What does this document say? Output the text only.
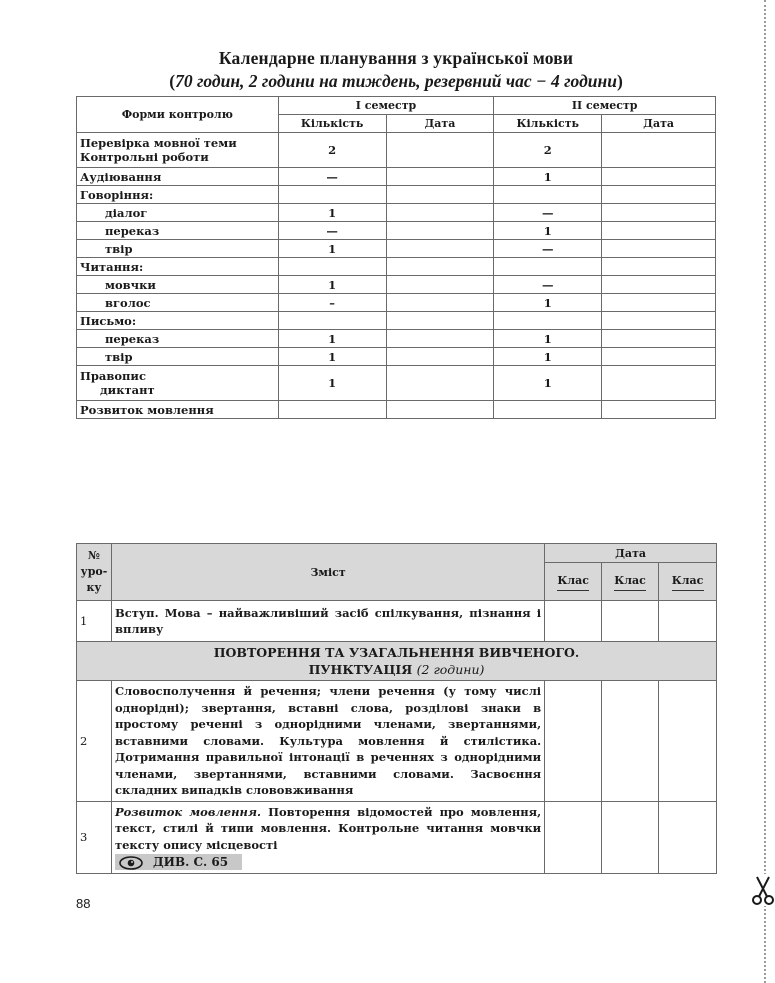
Календарне планування з української мови
(70 годин, 2 години на тиждень, резервний час − 4 години)
Форми контролю	I семестр		II семестр	
	Кількість	Дата	Кількість	Дата
Перевірка мовної теми
Контрольні роботи	2		2	
Аудіювання	—		1	
Говоріння:				
діалог	1		—	
переказ	—		1	
твір	1		—	
Читання:				
мовчки	1		—	
вголос	–		1	
Письмо:				
переказ	1		1	
твір	1		1	
Правопис
диктант	1		1	
Розвиток мовлення				
№
уро-
ку	Зміст	Дата		
		Клас	Клас	Клас

1	Вступ. Мова – найважливіший засіб спілкування, пізнання і впливу			
ПОВТОРЕННЯ ТА УЗАГАЛЬНЕННЯ ВИВЧЕНОГО.
ПУНКТУАЦІЯ (2 години)				
2	Словосполучення й речення; члени речення (у тому числі однорідні); звертання, вставні слова, розділові знаки в простому реченні з однорідними членами, звертаннями, вставними словами. Культура мовлення й стилістика. Дотримання правильної інтонації в реченнях з однорідними членами, звертаннями, вставними словами. Засвоєння складних випадків слововживання			
3	Розвиток мовлення. Повторення відомостей про мовлення, текст, стилі й типи мовлення. Контрольне читання мовчки тексту опису місцевості
ДИВ. С. 65			
88
